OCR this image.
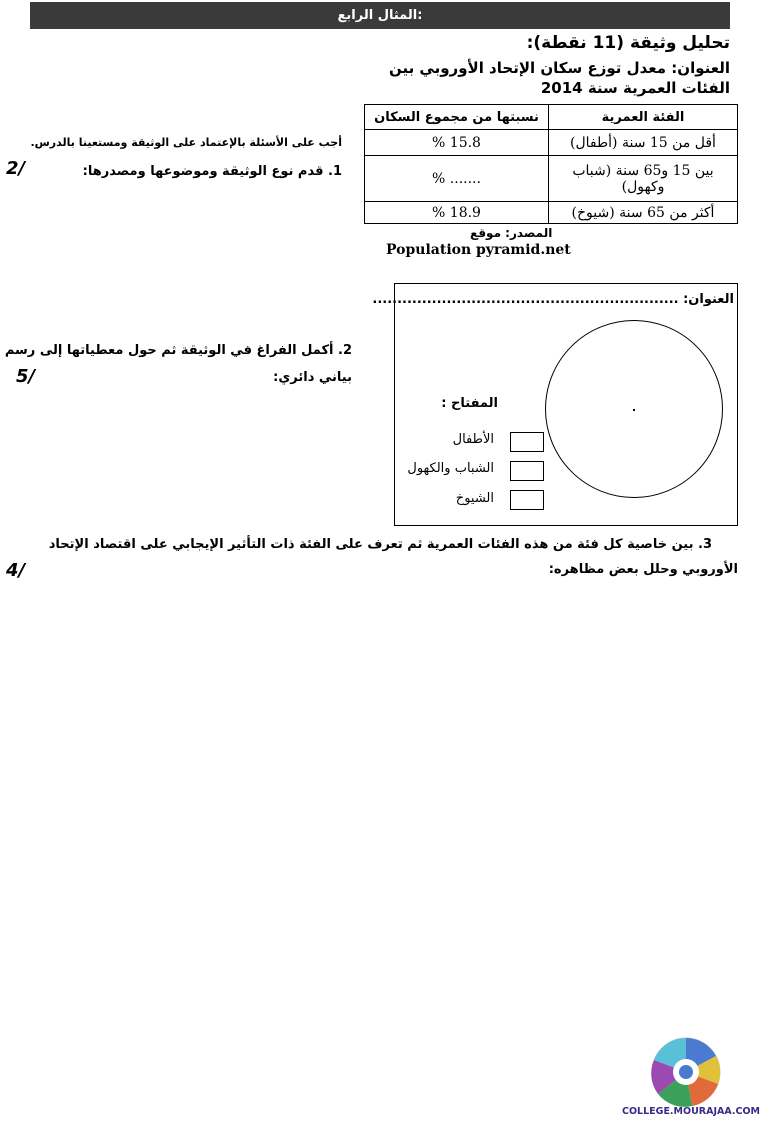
:المثال الرابع
تحليل وثيقة (11 نقطة):
العنوان: معدل توزع سكان الإتحاد الأوروبي بين الفئات العمرية سنة 2014
الفئة العمرية	نسبتها من مجموع السكان
أقل من 15 سنة (أطفال)	15.8 %
بين 15 و65 سنة (شباب وكهول)	....... %
أكثر من 65 سنة (شيوخ)	18.9 %
المصدر: موقع
Population pyramid.net
أجب على الأسئلة بالإعتماد على الوثيقة ومستعينا بالدرس.
1. قدم نوع الوثيقة وموضوعها ومصدرها:
2/
2. أكمل الفراغ في الوثيقة ثم حول معطياتها إلى رسم
بياني دائري:
5/
العنوان: ..............................................................
المفتاح :
الأطفال
الشباب والكهول
الشيوخ
3. بين خاصية كل فئة من هذه الفئات العمرية ثم تعرف على الفئة ذات التأثير الإيجابي على اقتصاد الإتحاد
الأوروبي وحلل بعض مظاهره:
4/
COLLEGE.MOURAJAA.COM
